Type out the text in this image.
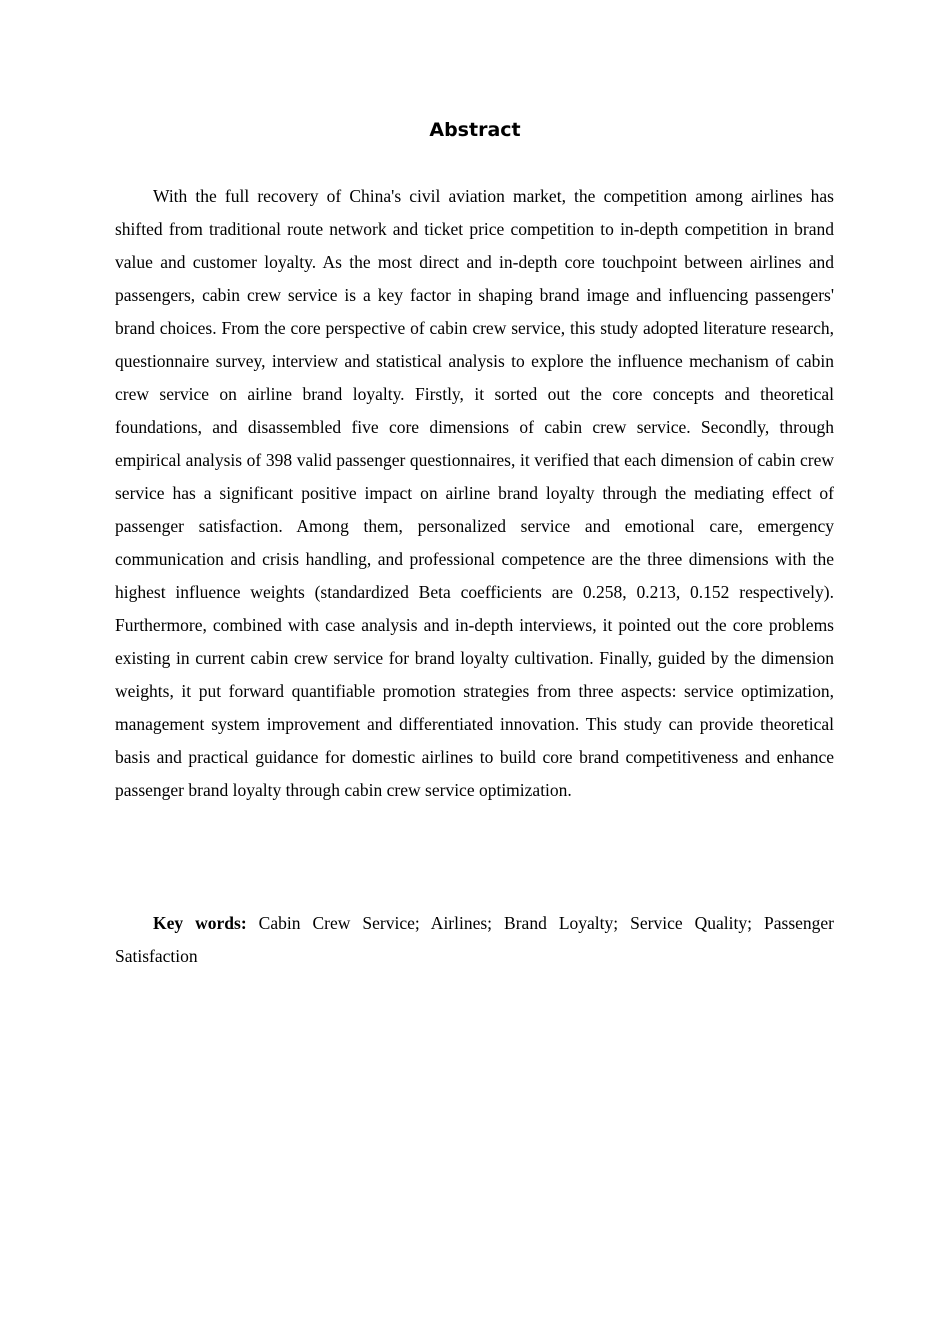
Abstract

With the full recovery of China's civil aviation market, the competition among airlines has shifted from traditional route network and ticket price competition to in-depth competition in brand value and customer loyalty. As the most direct and in-depth core touchpoint between airlines and passengers, cabin crew service is a key factor in shaping brand image and influencing passengers' brand choices. From the core perspective of cabin crew service, this study adopted literature research, questionnaire survey, interview and statistical analysis to explore the influence mechanism of cabin crew service on airline brand loyalty. Firstly, it sorted out the core concepts and theoretical foundations, and disassembled five core dimensions of cabin crew service. Secondly, through empirical analysis of 398 valid passenger questionnaires, it verified that each dimension of cabin crew service has a significant positive impact on airline brand loyalty through the mediating effect of passenger satisfaction. Among them, personalized service and emotional care, emergency communication and crisis handling, and professional competence are the three dimensions with the highest influence weights (standardized Beta coefficients are 0.258, 0.213, 0.152 respectively). Furthermore, combined with case analysis and in-depth interviews, it pointed out the core problems existing in current cabin crew service for brand loyalty cultivation. Finally, guided by the dimension weights, it put forward quantifiable promotion strategies from three aspects: service optimization, management system improvement and differentiated innovation. This study can provide theoretical basis and practical guidance for domestic airlines to build core brand competitiveness and enhance passenger brand loyalty through cabin crew service optimization.

Key words: Cabin Crew Service; Airlines; Brand Loyalty; Service Quality; Passenger Satisfaction
